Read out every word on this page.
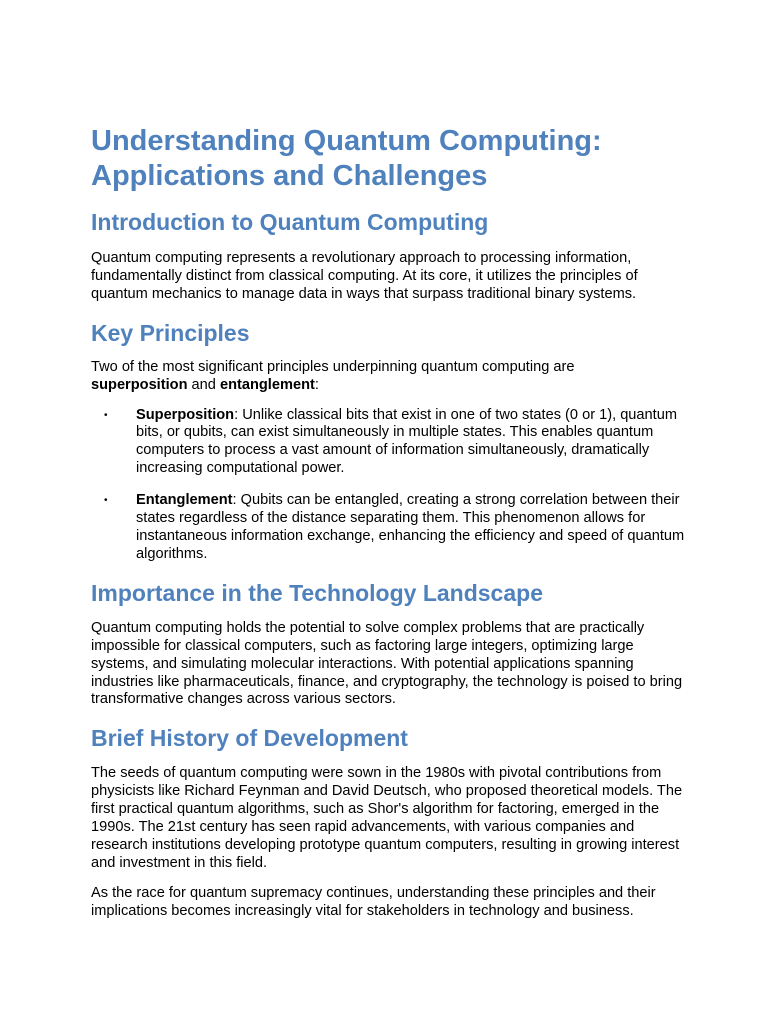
Understanding Quantum Computing: Applications and Challenges
Introduction to Quantum Computing

Quantum computing represents a revolutionary approach to processing information, fundamentally distinct from classical computing. At its core, it utilizes the principles of quantum mechanics to manage data in ways that surpass traditional binary systems.

Key Principles

Two of the most significant principles underpinning quantum computing are
superposition and entanglement:

• Superposition: Unlike classical bits that exist in one of two states (0 or 1), quantum bits, or qubits, can exist simultaneously in multiple states. This enables quantum computers to process a vast amount of information simultaneously, dramatically increasing computational power.
• Entanglement: Qubits can be entangled, creating a strong correlation between their states regardless of the distance separating them. This phenomenon allows for instantaneous information exchange, enhancing the efficiency and speed of quantum algorithms.
Importance in the Technology Landscape

Quantum computing holds the potential to solve complex problems that are practically impossible for classical computers, such as factoring large integers, optimizing large systems, and simulating molecular interactions. With potential applications spanning industries like pharmaceuticals, finance, and cryptography, the technology is poised to bring transformative changes across various sectors.

Brief History of Development

The seeds of quantum computing were sown in the 1980s with pivotal contributions from physicists like Richard Feynman and David Deutsch, who proposed theoretical models. The first practical quantum algorithms, such as Shor's algorithm for factoring, emerged in the 1990s. The 21st century has seen rapid advancements, with various companies and research institutions developing prototype quantum computers, resulting in growing interest and investment in this field.

As the race for quantum supremacy continues, understanding these principles and their implications becomes increasingly vital for stakeholders in technology and business.
